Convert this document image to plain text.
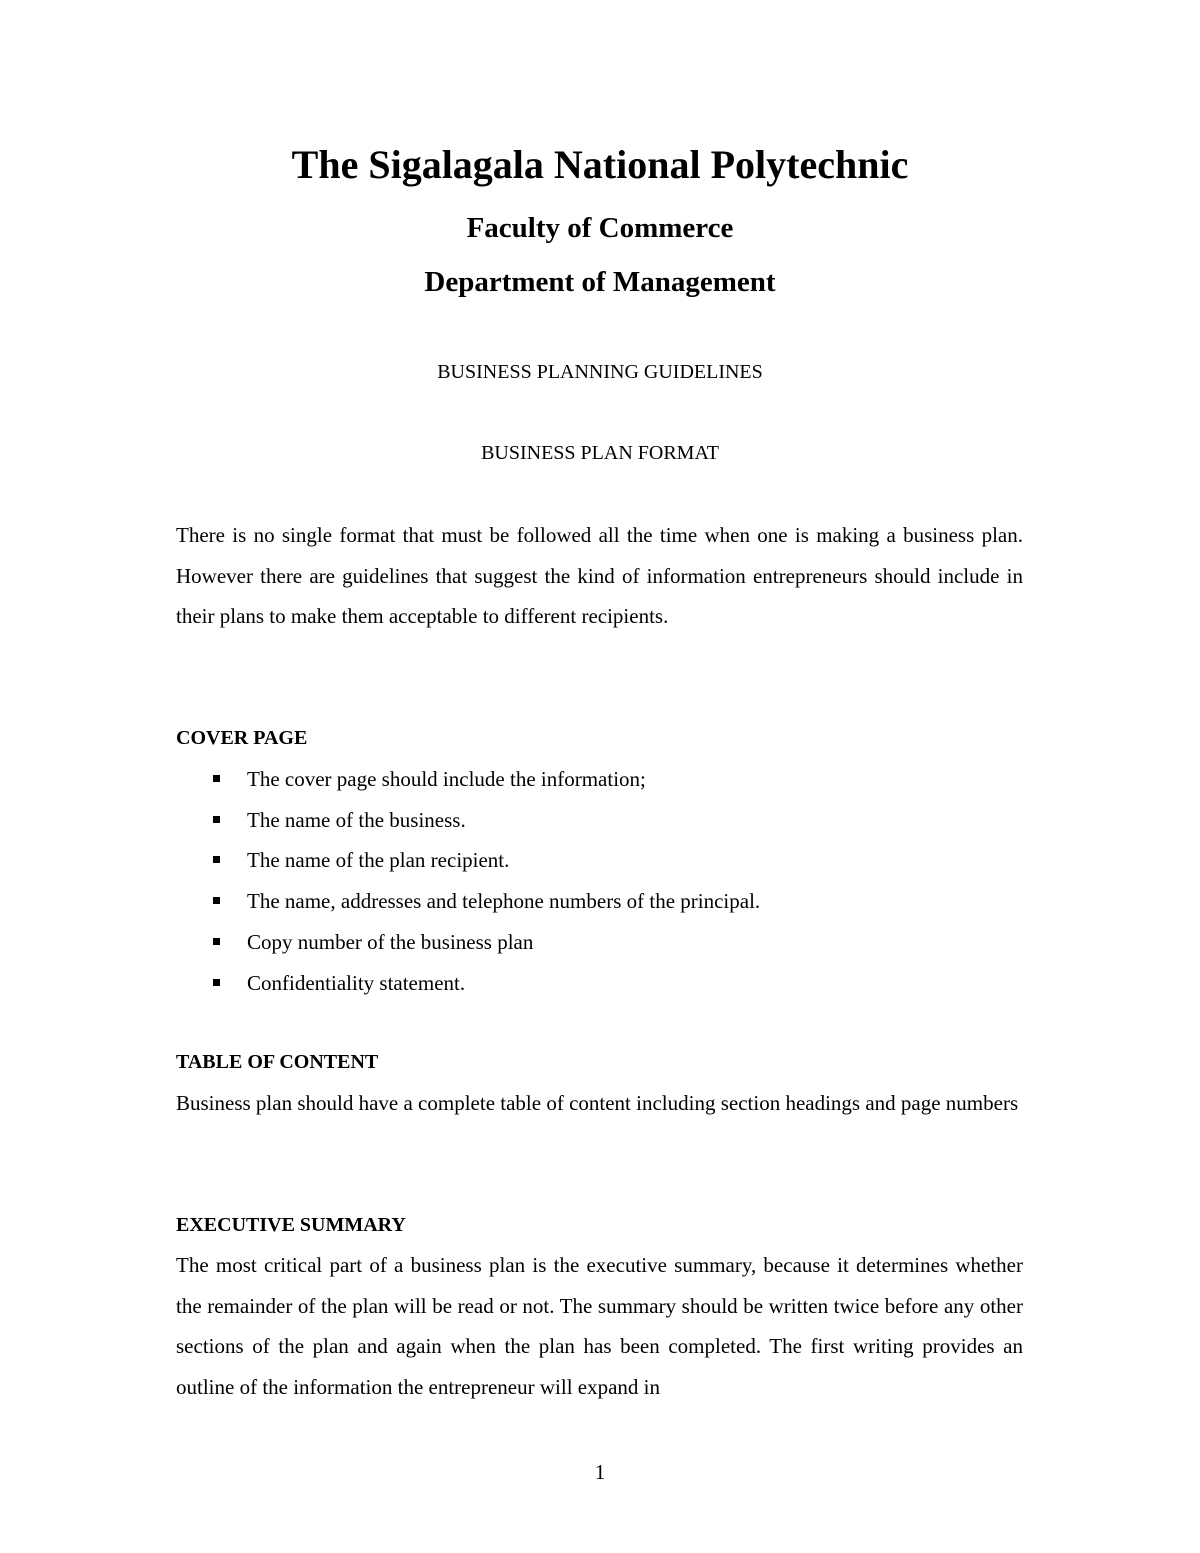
The Sigalagala National Polytechnic
Faculty of Commerce
Department of Management
BUSINESS PLANNING GUIDELINES
BUSINESS PLAN FORMAT

There is no single format that must be followed all the time when one is making a business plan. However there are guidelines that suggest the kind of information entrepreneurs should include in their plans to make them acceptable to different recipients.

COVER PAGE
The cover page should include the information;
The name of the business.
The name of the plan recipient.
The name, addresses and telephone numbers of the principal.
Copy number of the business plan
Confidentiality statement.
TABLE OF CONTENT

Business plan should have a complete table of content including section headings and page numbers

EXECUTIVE SUMMARY

The most critical part of a business plan is the executive summary, because it determines whether the remainder of the plan will be read or not. The summary should be written twice before any other sections of the plan and again when the plan has been completed. The first writing provides an outline of the information the entrepreneur will expand in

1
